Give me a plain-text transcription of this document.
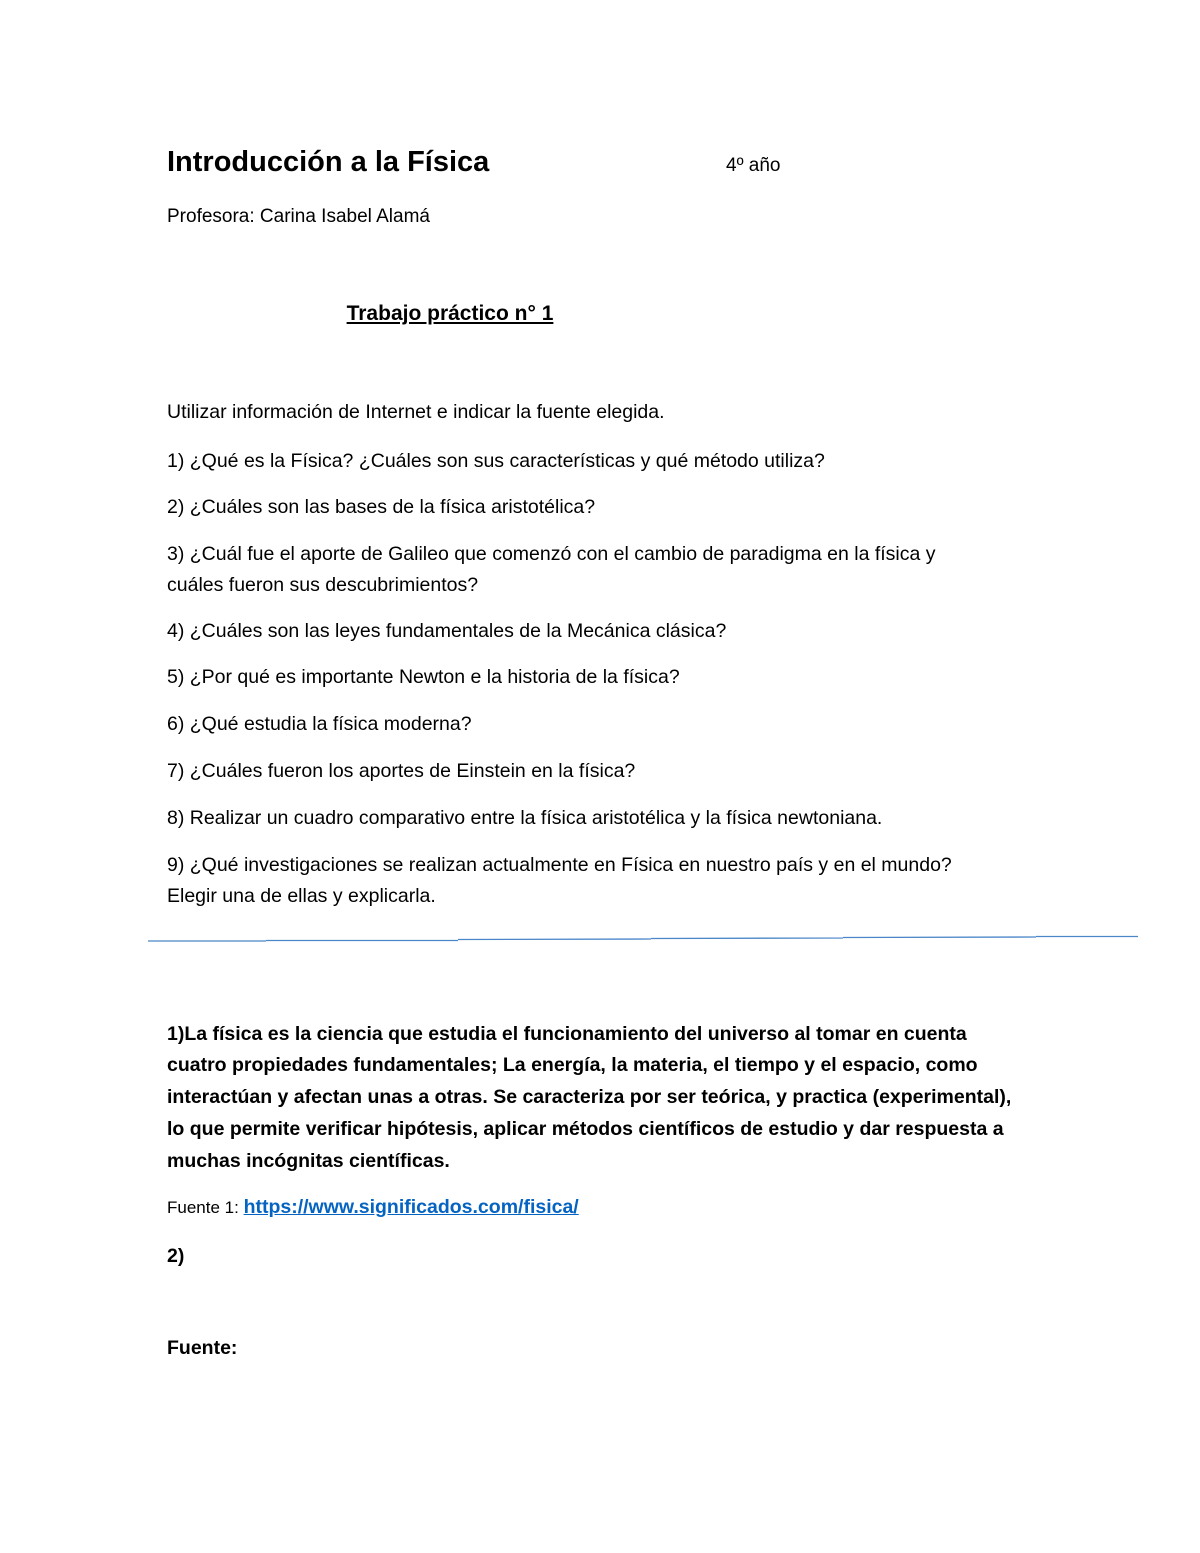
Introducción a la Física	4º año
Profesora: Carina Isabel Alamá
Trabajo práctico n° 1
Utilizar información de Internet e indicar la fuente elegida.
1) ¿Qué es la Física? ¿Cuáles son sus características y qué método utiliza?
2) ¿Cuáles son las bases de la física aristotélica?
3) ¿Cuál fue el aporte de Galileo que comenzó con el cambio de paradigma en la física y
cuáles fueron sus descubrimientos?
4) ¿Cuáles son las leyes fundamentales de la Mecánica clásica?
5) ¿Por qué es importante Newton e la historia de la física?
6) ¿Qué estudia la física moderna?
7) ¿Cuáles fueron los aportes de Einstein en la física?
8) Realizar un cuadro comparativo entre la física aristotélica y la física newtoniana.
9) ¿Qué investigaciones se realizan actualmente en Física en nuestro país y en el mundo?
Elegir una de ellas y explicarla.
1)La física es la ciencia que estudia el funcionamiento del universo al tomar en cuenta
cuatro propiedades fundamentales; La energía, la materia, el tiempo y el espacio, como
interactúan y afectan unas a otras. Se caracteriza por ser teórica, y practica (experimental),
lo que permite verificar hipótesis, aplicar métodos científicos de estudio y dar respuesta a
muchas incógnitas científicas.
Fuente 1: https://www.significados.com/fisica/
2)
Fuente:
